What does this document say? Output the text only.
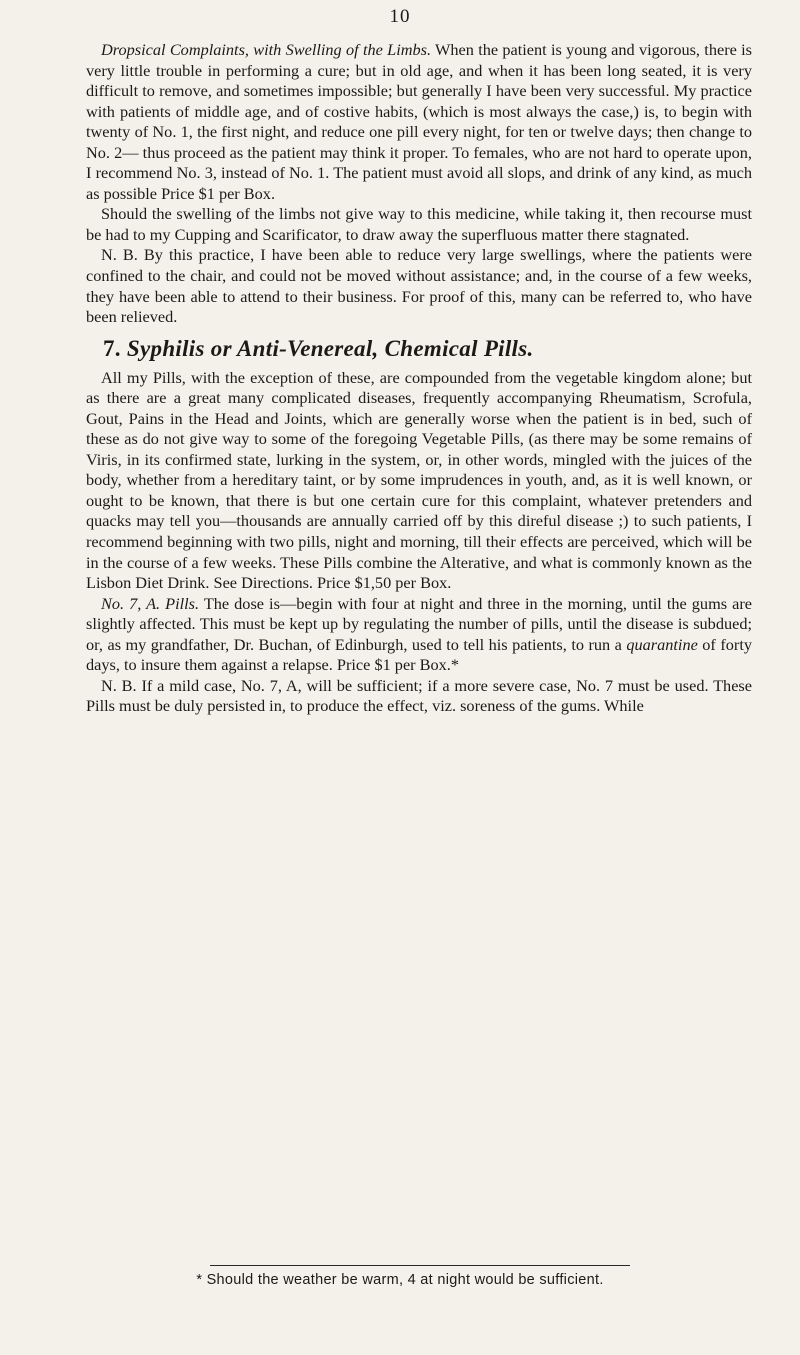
10

Dropsical Complaints, with Swelling of the Limbs. When the patient is young and vigorous, there is very little trouble in performing a cure; but in old age, and when it has been long seated, it is very difficult to remove, and sometimes impossible; but generally I have been very successful. My practice with patients of middle age, and of costive habits, (which is most always the case,) is, to begin with twenty of No. 1, the first night, and reduce one pill every night, for ten or twelve days; then change to No. 2— thus proceed as the patient may think it proper. To females, who are not hard to operate upon, I recommend No. 3, instead of No. 1. The patient must avoid all slops, and drink of any kind, as much as possible Price $1 per Box.

Should the swelling of the limbs not give way to this medicine, while taking it, then recourse must be had to my Cupping and Scarificator, to draw away the superfluous matter there stagnated.

N. B. By this practice, I have been able to reduce very large swellings, where the patients were confined to the chair, and could not be moved without assistance; and, in the course of a few weeks, they have been able to attend to their business. For proof of this, many can be referred to, who have been relieved.

7. Syphilis or Anti-Venereal, Chemical Pills.

All my Pills, with the exception of these, are compounded from the vegetable kingdom alone; but as there are a great many complicated diseases, frequently accompanying Rheumatism, Scrofula, Gout, Pains in the Head and Joints, which are generally worse when the patient is in bed, such of these as do not give way to some of the foregoing Vegetable Pills, (as there may be some remains of Viris, in its confirmed state, lurking in the system, or, in other words, mingled with the juices of the body, whether from a hereditary taint, or by some imprudences in youth, and, as it is well known, or ought to be known, that there is but one certain cure for this complaint, whatever pretenders and quacks may tell you—thousands are annually carried off by this direful disease ;) to such patients, I recommend beginning with two pills, night and morning, till their effects are perceived, which will be in the course of a few weeks. These Pills combine the Alterative, and what is commonly known as the Lisbon Diet Drink. See Directions. Price $1,50 per Box.

No. 7, A. Pills. The dose is—begin with four at night and three in the morning, until the gums are slightly affected. This must be kept up by regulating the number of pills, until the disease is subdued; or, as my grandfather, Dr. Buchan, of Edinburgh, used to tell his patients, to run a quarantine of forty days, to insure them against a relapse. Price $1 per Box.*

N. B. If a mild case, No. 7, A, will be sufficient; if a more severe case, No. 7 must be used. These Pills must be duly persisted in, to produce the effect, viz. soreness of the gums. While

* Should the weather be warm, 4 at night would be sufficient.
